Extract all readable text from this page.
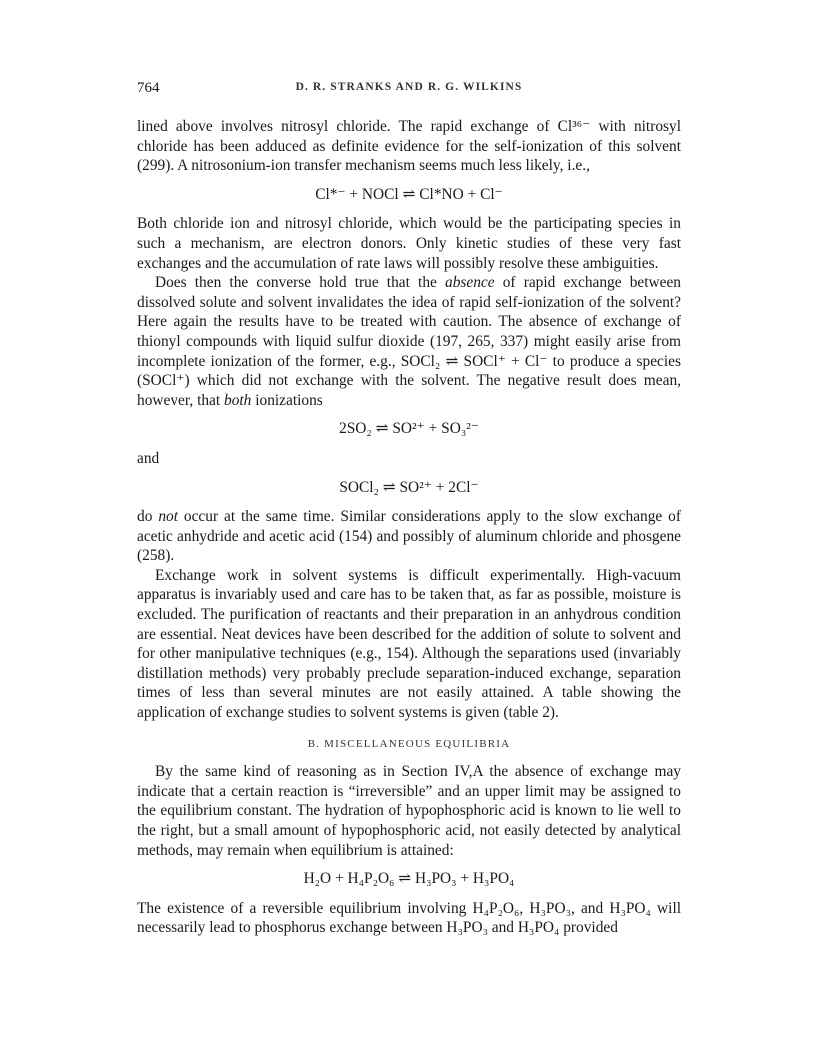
764	D. R. STRANKS AND R. G. WILKINS

lined above involves nitrosyl chloride. The rapid exchange of Cl³⁶⁻ with nitrosyl chloride has been adduced as definite evidence for the self-ionization of this solvent (299). A nitrosonium-ion transfer mechanism seems much less likely, i.e.,

Cl*⁻ + NOCl ⇌ Cl*NO + Cl⁻

Both chloride ion and nitrosyl chloride, which would be the participating species in such a mechanism, are electron donors. Only kinetic studies of these very fast exchanges and the accumulation of rate laws will possibly resolve these ambiguities.

Does then the converse hold true that the absence of rapid exchange between dissolved solute and solvent invalidates the idea of rapid self-ionization of the solvent? Here again the results have to be treated with caution. The absence of exchange of thionyl compounds with liquid sulfur dioxide (197, 265, 337) might easily arise from incomplete ionization of the former, e.g., SOCl₂ ⇌ SOCl⁺ + Cl⁻ to produce a species (SOCl⁺) which did not exchange with the solvent. The negative result does mean, however, that both ionizations

2SO₂ ⇌ SO²⁺ + SO₃²⁻

and

SOCl₂ ⇌ SO²⁺ + 2Cl⁻

do not occur at the same time. Similar considerations apply to the slow exchange of acetic anhydride and acetic acid (154) and possibly of aluminum chloride and phosgene (258).

Exchange work in solvent systems is difficult experimentally. High-vacuum apparatus is invariably used and care has to be taken that, as far as possible, moisture is excluded. The purification of reactants and their preparation in an anhydrous condition are essential. Neat devices have been described for the addition of solute to solvent and for other manipulative techniques (e.g., 154). Although the separations used (invariably distillation methods) very probably preclude separation-induced exchange, separation times of less than several minutes are not easily attained. A table showing the application of exchange studies to solvent systems is given (table 2).

B. MISCELLANEOUS EQUILIBRIA

By the same kind of reasoning as in Section IV,A the absence of exchange may indicate that a certain reaction is “irreversible” and an upper limit may be assigned to the equilibrium constant. The hydration of hypophosphoric acid is known to lie well to the right, but a small amount of hypophosphoric acid, not easily detected by analytical methods, may remain when equilibrium is attained:

H₂O + H₄P₂O₆ ⇌ H₃PO₃ + H₃PO₄

The existence of a reversible equilibrium involving H₄P₂O₆, H₃PO₃, and H₃PO₄ will necessarily lead to phosphorus exchange between H₃PO₃ and H₃PO₄ provided
